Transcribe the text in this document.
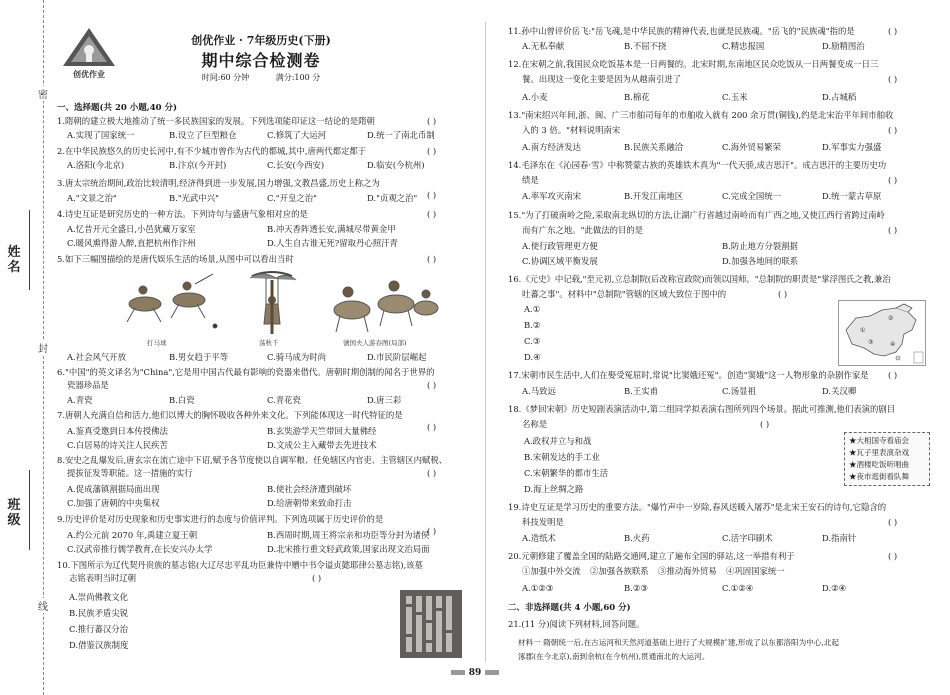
密
封
线
姓
名
班
级
创优作业
创优作业 · 7年级历史(下册)
期中综合检测卷
时间:60 分钟	满分:100 分
一、选择题(共 20 小题,40 分)
1.隋朝的建立极大地推动了统一多民族国家的发展。下列选项能印证这一结论的是隋朝	( )
A.实现了国家统一	B.设立了巨型粮仓	C.修筑了大运河	D.统一了南北币制
2.在中华民族悠久的历史长河中,有不少城市曾作为古代的都城,其中,唐两代都定都于	( )
A.洛阳(今北京)	B.汴京(今开封)	C.长安(今西安)	D.临安(今杭州)
3.唐太宗统治期间,政治比较清明,经济得到进一步发展,国力增强,文教昌盛,历史上称之为
( )
A."文景之治"	B."光武中兴"	C."开皇之治"	D."贞观之治"
4.诗史互证是研究历史的一种方法。下列诗句与盛唐气象相对应的是	( )
A.忆昔开元全盛日,小邑犹藏万家室	B.冲天香阵透长安,满城尽带黄金甲
C.暖风熏得游人醉,直把杭州作汴州	D.人生自古谁无死?留取丹心照汗青
5.如下三幅图描绘的是唐代娱乐生活的场景,从图中可以看出当时	( )
打马球	荡秋千	虢国夫人游春图(局部)
A.社会风气开放	B.男女趋于平等	C.骑马成为时尚	D.市民阶层崛起
6."中国"的英文译名为"China",它是用中国古代最有影响的瓷器来借代。唐朝时期创制的闻名于世界的
瓷器珍品是	( )
A.青瓷	B.白瓷	C.青花瓷	D.唐三彩
7.唐朝人充满自信和活力,他们以博大的胸怀吸收各种外来文化。下列能体现这一时代特征的是
( )
A.鉴真受邀到日本传授佛法	B.玄奘游学天竺带回大量佛经
C.白居易的诗关注人民疾苦	D.文成公主入藏带去先进技术
8.安史之乱爆发后,唐玄宗在流亡途中下诏,赋予各节度使以自调军粮、任免辖区内官吏、主管辖区内赋税、
提拔征发等职能。这一措施的实行	( )
A.促成藩镇割据局面出现	B.使社会经济遭到破坏
C.加强了唐朝的中央集权	D.给唐朝带来致命打击
9.历史评价是对历史现象和历史事实进行的态度与价值评判。下列选项属于历史评价的是
( )
A.约公元前 2070 年,禹建立夏王朝	B.西周时期,周王将宗亲和功臣等分封为诸侯
C.汉武帝推行儒学教育,在长安兴办太学	D.北宋推行重文轻武政策,国家出现文治局面
10.下图所示为辽代契丹贵族的墓志铭(大辽尽忠平乱功臣兼侍中赠中书令谥贞懿耶律公墓志铭),该墓
志铭表明当时辽朝	( )
A.崇尚佛教文化
B.民族矛盾尖锐
C.推行蕃汉分治
D.借鉴汉族制度
11.孙中山曾评价岳飞:"岳飞魂,是中华民族的精神代表,也就是民族魂。"岳飞的"民族魂"指的是	( )
A.无私奉献	B.不屈不挠	C.精忠报国	D.励精图治
12.在宋朝之前,我国民众吃饭基本是一日两餐的。北宋时期,东南地区民众吃饭从一日两餐变成一日三
餐。出现这一变化主要是因为从越南引进了	( )
A.小麦	B.棉花	C.玉米	D.占城稻
13."南宋绍兴年间,浙、闽、广三市舶司每年的市舶收入就有 200 余万贯(铜钱),约是北宋治平年间市舶收
入的 3 倍。"材料说明南宋	( )
A.南方经济发达	B.民族关系融洽	C.海外贸易繁荣	D.军事实力强盛
14.毛泽东在《沁园春·雪》中称赞蒙古族的英雄铁木真为"一代天骄,成吉思汗"。成吉思汗的主要历史功
绩是	( )
A.率军攻灭南宋	B.开发江南地区	C.完成全国统一	D.统一蒙古草原
15."为了打破南岭之险,采取南北纵切的方法,让湖广行省越过南岭而有广西之地,又使江西行省跨过南岭
而有广东之地。"此做法的目的是	( )
A.使行政管理更方便	B.防止地方分裂割据
C.协调区域平衡发展	D.加强各地间的联系
16.《元史》中记载,"至元初,立总制院(后改称宣政院)而领以国师。"总制院的职责是"掌浮图氏之教,兼治
吐蕃之事"。材料中"总制院"管辖的区域大致位于图中的	( )
A.①
B.②
C.③
D.④
①
②
③	④
17.宋朝市民生活中,人们在娶受冤屈时,常说"比窦娥还冤"。创造"窦娥"这一人物形象的杂剧作家是 ( )
A.马致远	B.王实甫	C.汤显祖	D.关汉卿
18.《梦回宋朝》历史短剧表演活动中,第二组同学拟表演右图所列四个场景。据此可推测,他们表演的剧目
名称是	( )
A.政权并立与和战
B.宋朝发达的手工业
C.宋朝繁华的都市生活
D.海上丝绸之路
★大相国寺看庙会
★瓦子里表演杂戏
★酒楼吃饭听唱曲
★夜市逛街看队舞
19.诗史互证是学习历史的重要方法。"爆竹声中一岁除,春风送暖入屠苏"是北宋王安石的诗句,它隐含的
科技发明是	( )
A.造纸术	B.火药	C.活字印刷术	D.指南针
20.元朝修建了覆盖全国的陆路交通网,建立了遍布全国的驿站,这一举措有利于	( )
①加强中外交流 ②加强各族联系 ③推动海外贸易 ④巩固国家统一
A.①②③	B.②③	C.①②④	D.②④
二、非选择题(共 4 小题,60 分)
21.(11 分)阅读下列材料,回答问题。
材料一 隋朝统一后,在古运河和天然河道基础上进行了大规模扩建,形成了以东都洛阳为中心,北起
涿郡(在今北京),南到余杭(在今杭州),贯通南北的大运河。
89
